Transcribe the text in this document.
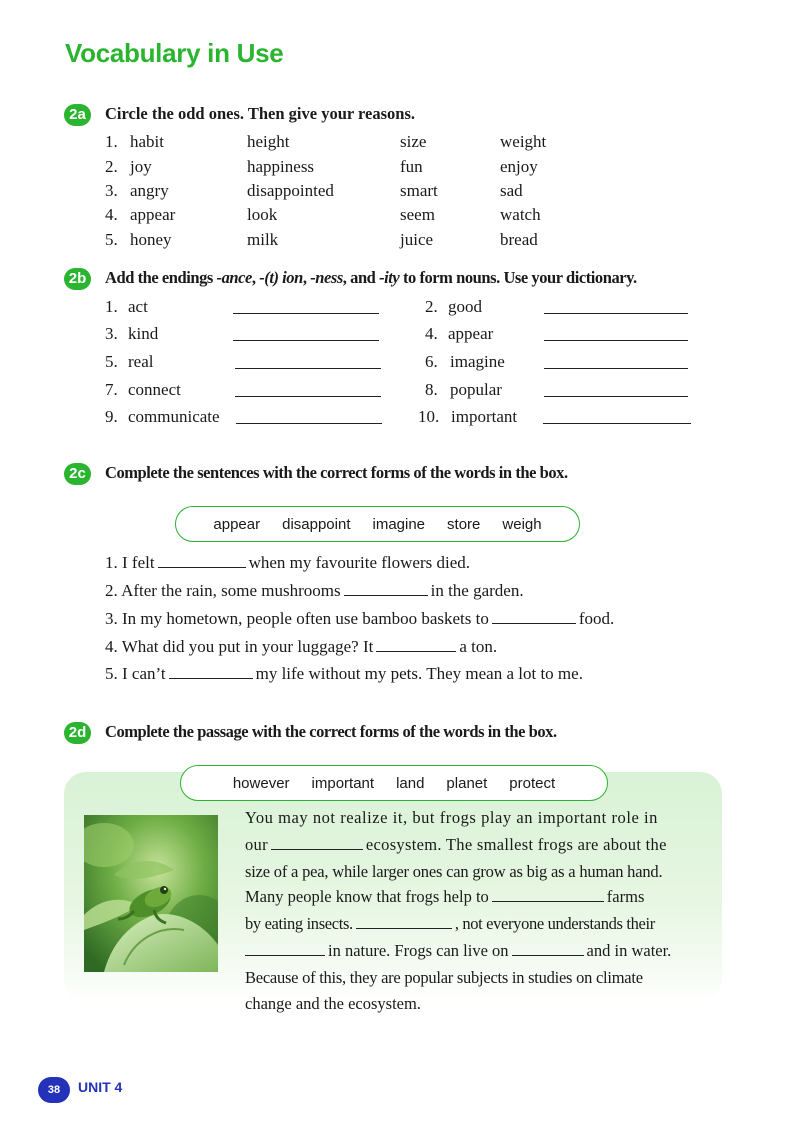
Vocabulary in Use
2a	Circle the odd ones. Then give your reasons.
1. habit	height	size	weight
2. joy	happiness	fun	enjoy
3. angry	disappointed	smart	sad
4. appear	look	seem	watch
5. honey	milk	juice	bread
2b Add the endings -ance, -(t) ion, -ness, and -ity to form nouns. Use your dictionary.
1. act	2. good
3. kind	4. appear
5. real	6. imagine
7. connect	8. popular
9. communicate	10. important
2c	Complete the sentences with the correct forms of the words in the box.
appear disappoint imagine store weigh
1. I felt	when my favourite flowers died.
2. After the rain, some mushrooms	in the garden.
3. In my hometown, people often use bamboo baskets to	food.
4. What did you put in your luggage? It	a ton.
5. I can’t	my life without my pets. They mean a lot to me.
2d Complete the passage with the correct forms of the words in the box.
however important land planet protect
You may not realize it, but frogs play an important role in
our	ecosystem. The smallest frogs are about the
size of a pea, while larger ones can grow as big as a human hand.
Many people know that frogs help to	farms
by eating insects.	, not everyone understands their
in nature. Frogs can live on	and in water.
Because of this, they are popular subjects in studies on climate
change and the ecosystem.
38	UNIT 4
